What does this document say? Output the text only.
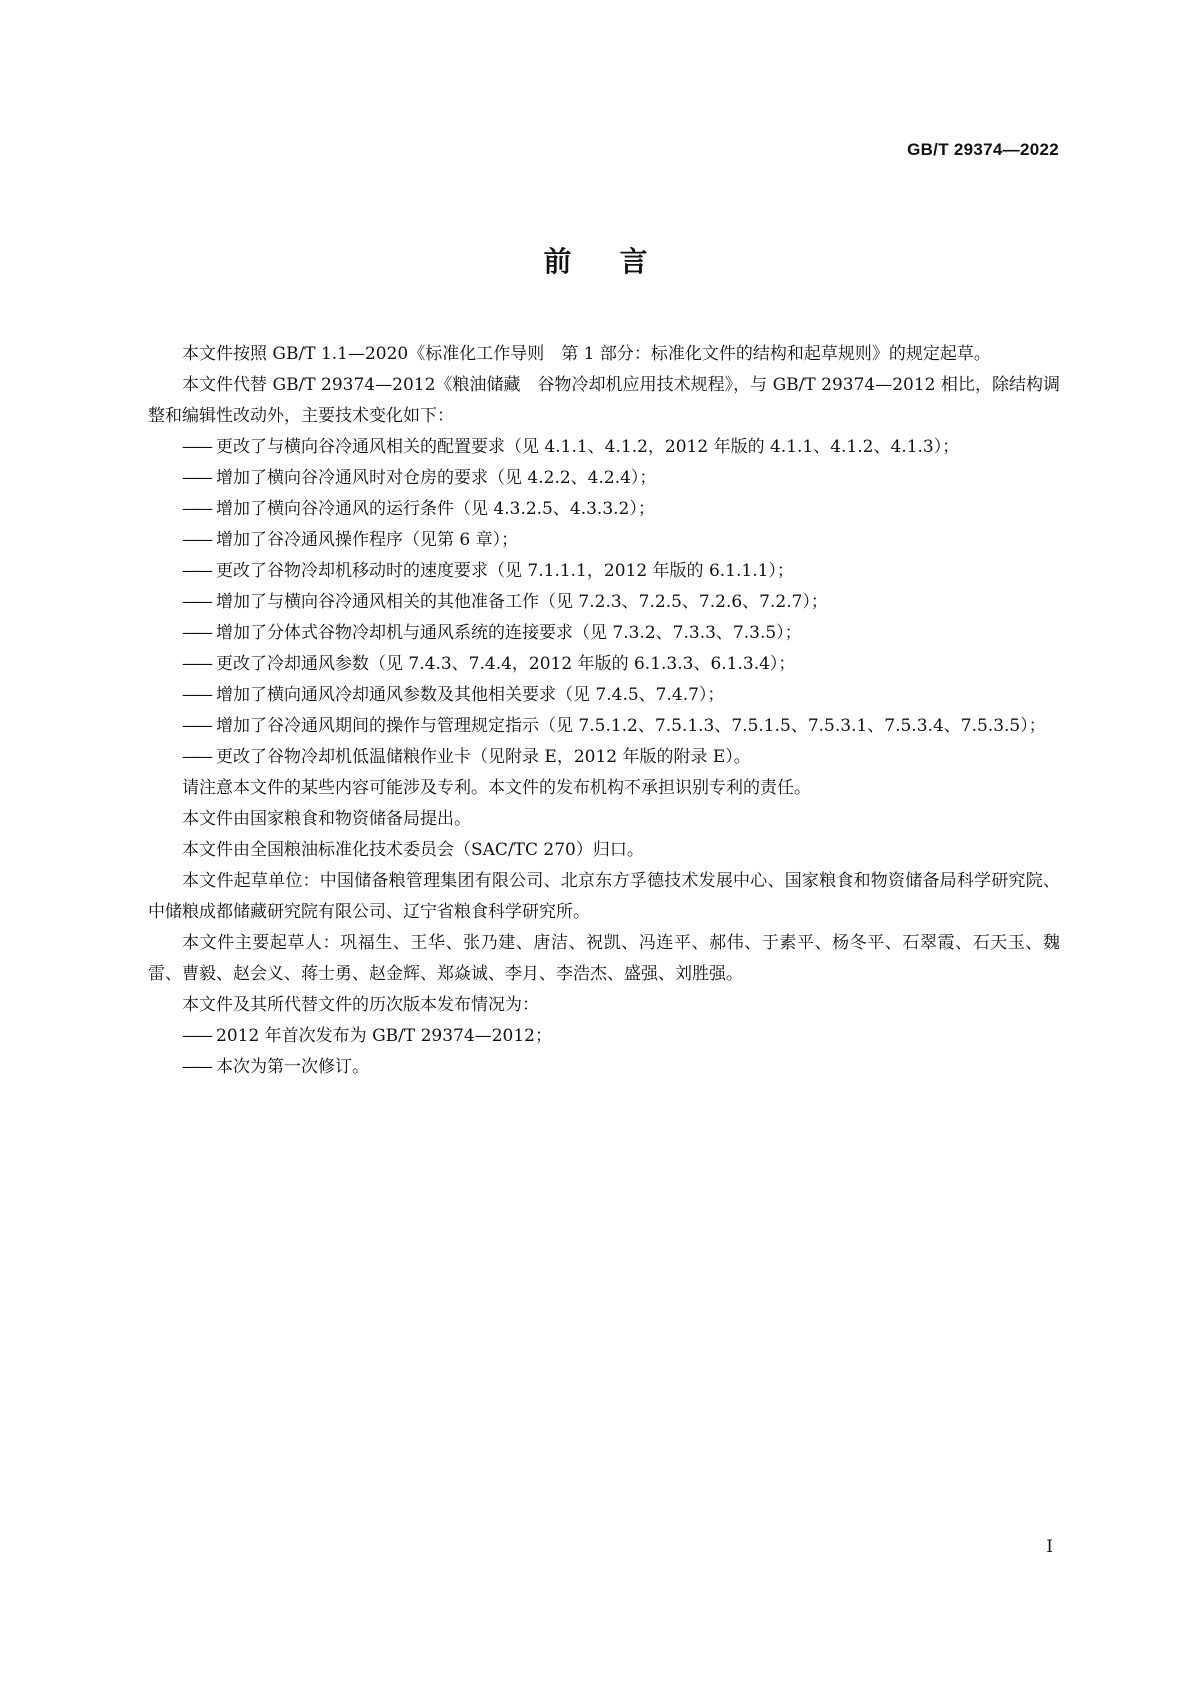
GB/T 29374—2022
前言

本文件按照 GB/T 1.1—2020《标准化工作导则　第 1 部分：标准化文件的结构和起草规则》的规定起草。

本文件代替 GB/T 29374—2012《粮油储藏　谷物冷却机应用技术规程》，与 GB/T 29374—2012 相比，除结构调整和编辑性改动外，主要技术变化如下：

—— 更改了与横向谷冷通风相关的配置要求（见 4.1.1、4.1.2，2012 年版的 4.1.1、4.1.2、4.1.3）；
—— 增加了横向谷冷通风时对仓房的要求（见 4.2.2、4.2.4）；
—— 增加了横向谷冷通风的运行条件（见 4.3.2.5、4.3.3.2）；
—— 增加了谷冷通风操作程序（见第 6 章）；
—— 更改了谷物冷却机移动时的速度要求（见 7.1.1.1，2012 年版的 6.1.1.1）；
—— 增加了与横向谷冷通风相关的其他准备工作（见 7.2.3、7.2.5、7.2.6、7.2.7）；
—— 增加了分体式谷物冷却机与通风系统的连接要求（见 7.3.2、7.3.3、7.3.5）；
—— 更改了冷却通风参数（见 7.4.3、7.4.4，2012 年版的 6.1.3.3、6.1.3.4）；
—— 增加了横向通风冷却通风参数及其他相关要求（见 7.4.5、7.4.7）；
—— 增加了谷冷通风期间的操作与管理规定指示（见 7.5.1.2、7.5.1.3、7.5.1.5、7.5.3.1、7.5.3.4、7.5.3.5）；
—— 更改了谷物冷却机低温储粮作业卡（见附录 E，2012 年版的附录 E）。

请注意本文件的某些内容可能涉及专利。本文件的发布机构不承担识别专利的责任。

本文件由国家粮食和物资储备局提出。

本文件由全国粮油标准化技术委员会（SAC/TC 270）归口。

本文件起草单位：中国储备粮管理集团有限公司、北京东方孚德技术发展中心、国家粮食和物资储备局科学研究院、中储粮成都储藏研究院有限公司、辽宁省粮食科学研究所。

本文件主要起草人：巩福生、王华、张乃建、唐洁、祝凯、冯连平、郝伟、于素平、杨冬平、石翠霞、石天玉、魏雷、曹毅、赵会义、蒋士勇、赵金辉、郑焱诚、李月、李浩杰、盛强、刘胜强。

本文件及其所代替文件的历次版本发布情况为：

—— 2012 年首次发布为 GB/T 29374—2012；
—— 本次为第一次修订。
I
